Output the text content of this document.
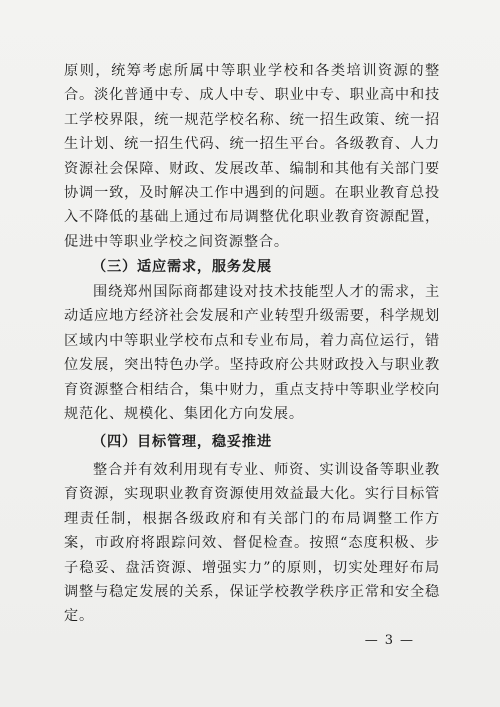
原则，统筹考虑所属中等职业学校和各类培训资源的整合。淡化普通中专、成人中专、职业中专、职业高中和技工学校界限，统一规范学校名称、统一招生政策、统一招生计划、统一招生代码、统一招生平台。各级教育、人力资源社会保障、财政、发展改革、编制和其他有关部门要协调一致，及时解决工作中遇到的问题。在职业教育总投入不降低的基础上通过布局调整优化职业教育资源配置，促进中等职业学校之间资源整合。
（三）适应需求，服务发展
围绕郑州国际商都建设对技术技能型人才的需求，主动适应地方经济社会发展和产业转型升级需要，科学规划区域内中等职业学校布点和专业布局，着力高位运行，错位发展，突出特色办学。坚持政府公共财政投入与职业教育资源整合相结合，集中财力，重点支持中等职业学校向规范化、规模化、集团化方向发展。
（四）目标管理，稳妥推进
整合并有效利用现有专业、师资、实训设备等职业教育资源，实现职业教育资源使用效益最大化。实行目标管理责任制，根据各级政府和有关部门的布局调整工作方案，市政府将跟踪问效、督促检查。按照“态度积极、步子稳妥、盘活资源、增强实力”的原则，切实处理好布局调整与稳定发展的关系，保证学校教学秩序正常和安全稳定。
— 3 —
